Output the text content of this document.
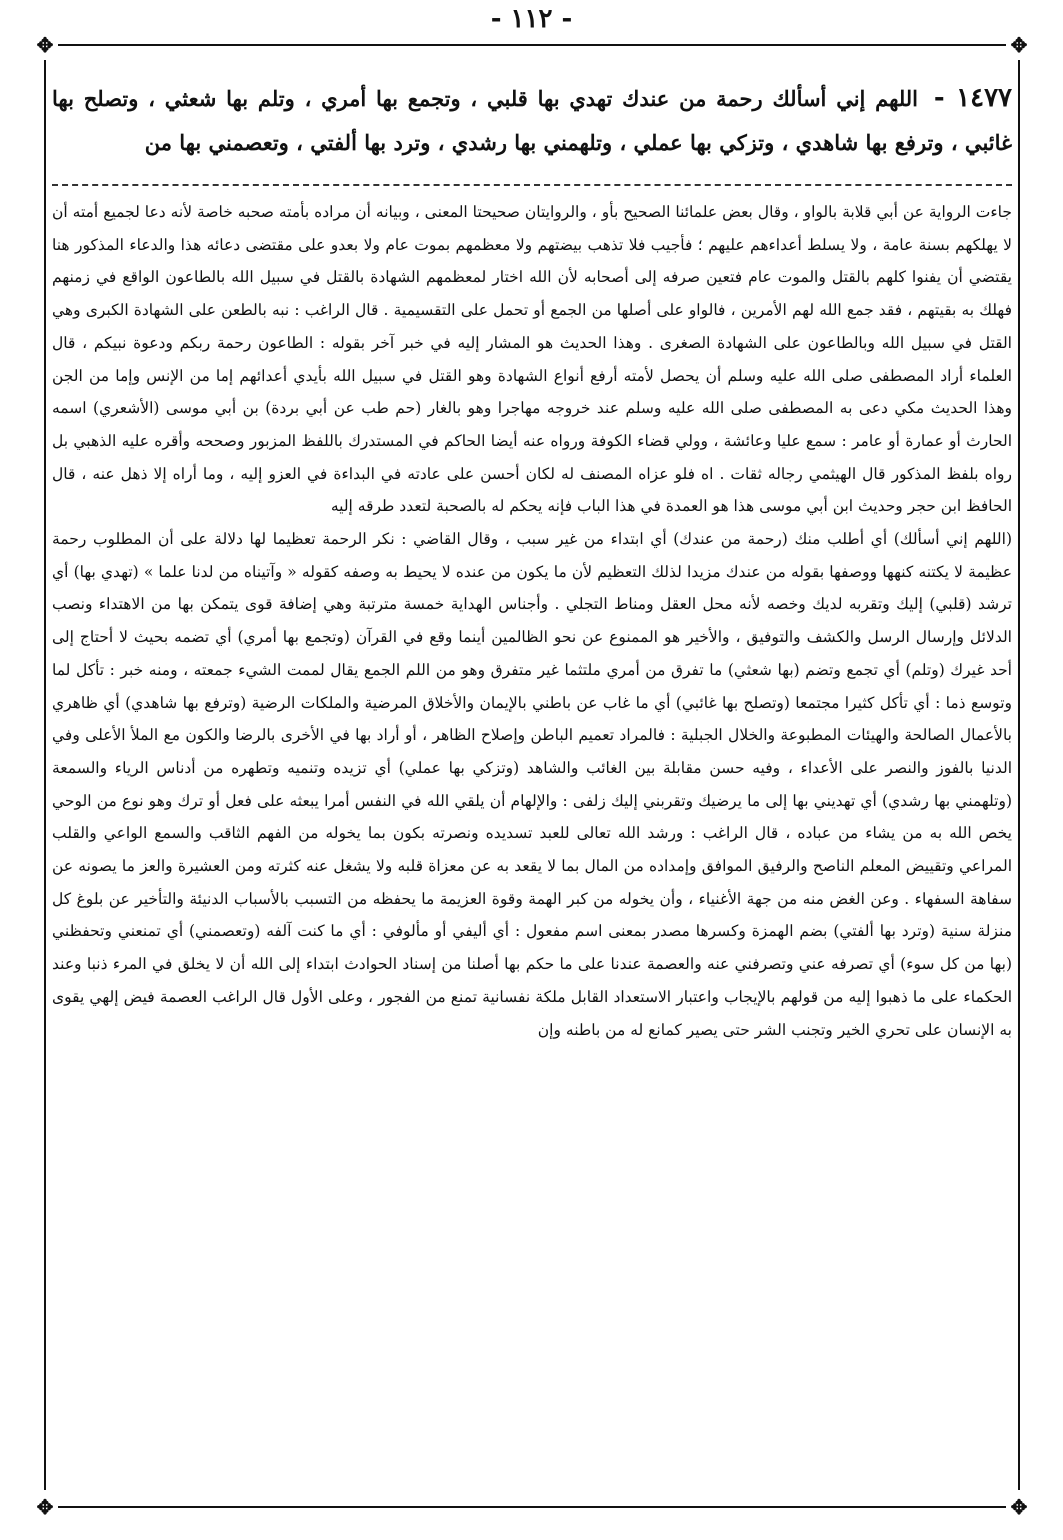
- ١١٢ -
✥	✥
✥	✥
١٤٧٧ - اللهم إني أسألك رحمة من عندك تهدي بها قلبي ، وتجمع بها أمري ، وتلم بها شعثي ، وتصلح بها غائبي ، وترفع بها شاهدي ، وتزكي بها عملي ، وتلهمني بها رشدي ، وترد بها ألفتي ، وتعصمني بها من

جاءت الرواية عن أبي قلابة بالواو ، وقال بعض علمائنا الصحيح بأو ، والروايتان صحيحتا المعنى ، وبيانه أن مراده بأمته صحبه خاصة لأنه دعا لجميع أمته أن لا يهلكهم بسنة عامة ، ولا يسلط أعداءهم عليهم ؛ فأجيب فلا تذهب بيضتهم ولا معظمهم بموت عام ولا بعدو على مقتضى دعائه هذا والدعاء المذكور هنا يقتضي أن يفنوا كلهم بالقتل والموت عام فتعين صرفه إلى أصحابه لأن الله اختار لمعظمهم الشهادة بالقتل في سبيل الله بالطاعون الواقع في زمنهم فهلك به بقيتهم ، فقد جمع الله لهم الأمرين ، فالواو على أصلها من الجمع أو تحمل على التقسيمية . قال الراغب : نبه بالطعن على الشهادة الكبرى وهي القتل في سبيل الله وبالطاعون على الشهادة الصغرى . وهذا الحديث هو المشار إليه في خبر آخر بقوله : الطاعون رحمة ربكم ودعوة نبيكم ، قال العلماء أراد المصطفى صلى الله عليه وسلم أن يحصل لأمته أرفع أنواع الشهادة وهو القتل في سبيل الله بأيدي أعدائهم إما من الإنس وإما من الجن وهذا الحديث مكي دعى به المصطفى صلى الله عليه وسلم عند خروجه مهاجرا وهو بالغار (حم طب عن أبي بردة) بن أبي موسى (الأشعري) اسمه الحارث أو عمارة أو عامر : سمع عليا وعائشة ، وولي قضاء الكوفة ورواه عنه أيضا الحاكم في المستدرك باللفظ المزبور وصححه وأقره عليه الذهبي بل رواه بلفظ المذكور قال الهيثمي رجاله ثقات . اه فلو عزاه المصنف له لكان أحسن على عادته في البداءة في العزو إليه ، وما أراه إلا ذهل عنه ، قال الحافظ ابن حجر وحديث ابن أبي موسى هذا هو العمدة في هذا الباب فإنه يحكم له بالصحبة لتعدد طرقه إليه

(اللهم إني أسألك) أي أطلب منك (رحمة من عندك) أي ابتداء من غير سبب ، وقال القاضي : نكر الرحمة تعظيما لها دلالة على أن المطلوب رحمة عظيمة لا يكتنه كنهها ووصفها بقوله من عندك مزيدا لذلك التعظيم لأن ما يكون من عنده لا يحيط به وصفه كقوله « وآتيناه من لدنا علما » (تهدي بها) أي ترشد (قلبي) إليك وتقربه لديك وخصه لأنه محل العقل ومناط التجلي . وأجناس الهداية خمسة مترتبة وهي إضافة قوى يتمكن بها من الاهتداء ونصب الدلائل وإرسال الرسل والكشف والتوفيق ، والأخير هو الممنوع عن نحو الظالمين أينما وقع في القرآن (وتجمع بها أمري) أي تضمه بحيث لا أحتاج إلى أحد غيرك (وتلم) أي تجمع وتضم (بها شعثي) ما تفرق من أمري ملتثما غير متفرق وهو من اللم الجمع يقال لممت الشيء جمعته ، ومنه خبر : تأكل لما وتوسع ذما : أي تأكل كثيرا مجتمعا (وتصلح بها غائبي) أي ما غاب عن باطني بالإيمان والأخلاق المرضية والملكات الرضية (وترفع بها شاهدي) أي ظاهري بالأعمال الصالحة والهيئات المطبوعة والخلال الجبلية : فالمراد تعميم الباطن وإصلاح الظاهر ، أو أراد بها في الأخرى بالرضا والكون مع الملأ الأعلى وفي الدنيا بالفوز والنصر على الأعداء ، وفيه حسن مقابلة بين الغائب والشاهد (وتزكي بها عملي) أي تزيده وتنميه وتطهره من أدناس الرياء والسمعة (وتلهمني بها رشدي) أي تهديني بها إلى ما يرضيك وتقربني إليك زلفى : والإلهام أن يلقي الله في النفس أمرا يبعثه على فعل أو ترك وهو نوع من الوحي يخص الله به من يشاء من عباده ، قال الراغب : ورشد الله تعالى للعبد تسديده ونصرته بكون بما يخوله من الفهم الثاقب والسمع الواعي والقلب المراعي وتقييض المعلم الناصح والرفيق الموافق وإمداده من المال بما لا يقعد به عن معزاة قلبه ولا يشغل عنه كثرته ومن العشيرة والعز ما يصونه عن سفاهة السفهاء . وعن الغض منه من جهة الأغنياء ، وأن يخوله من كبر الهمة وقوة العزيمة ما يحفظه من التسبب بالأسباب الدنيئة والتأخير عن بلوغ كل منزلة سنية (وترد بها ألفتي) بضم الهمزة وكسرها مصدر بمعنى اسم مفعول : أي أليفي أو مألوفي : أي ما كنت آلفه (وتعصمني) أي تمنعني وتحفظني (بها من كل سوء) أي تصرفه عني وتصرفني عنه والعصمة عندنا على ما حكم بها أصلنا من إسناد الحوادث ابتداء إلى الله أن لا يخلق في المرء ذنبا وعند الحكماء على ما ذهبوا إليه من قولهم بالإيجاب واعتبار الاستعداد القابل ملكة نفسانية تمنع من الفجور ، وعلى الأول قال الراغب العصمة فيض إلهي يقوى به الإنسان على تحري الخير وتجنب الشر حتى يصير كمانع له من باطنه وإن
